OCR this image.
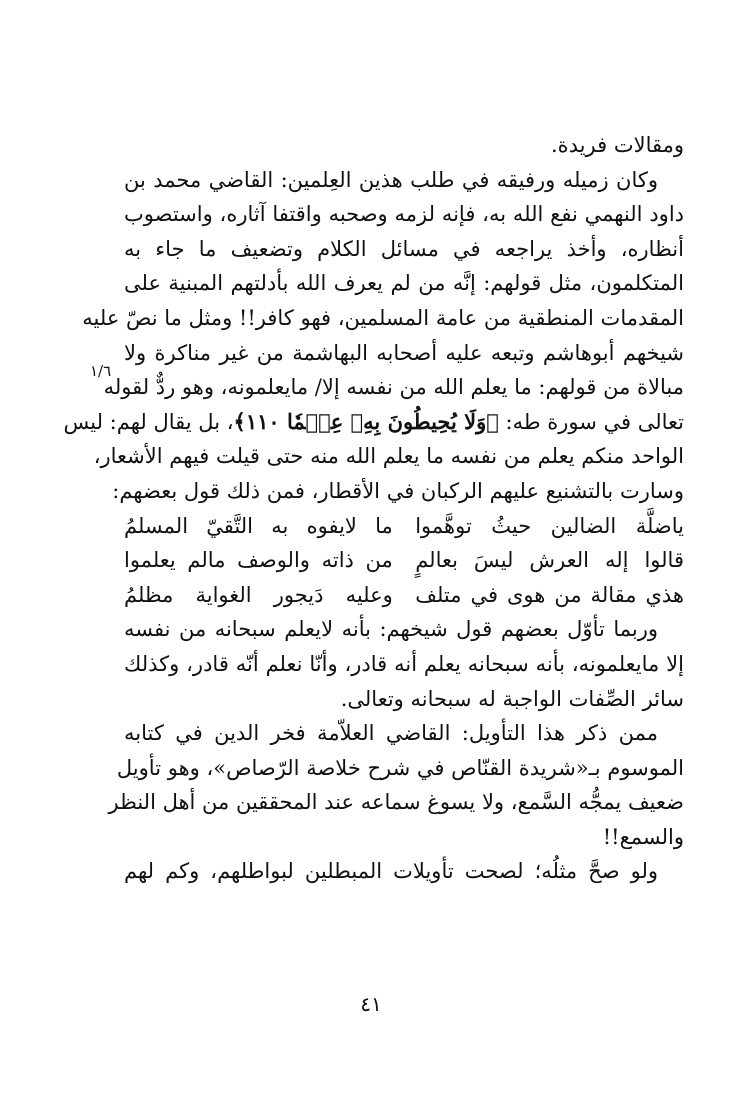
١/٦
ومقالات فريدة.
وكان زميله ورفيقه في طلب هذين العِلمين: القاضي محمد بن
داود النهمي نفع الله به، فإنه لزمه وصحبه واقتفا آثاره، واستصوب
أنظاره، وأخذ يراجعه في مسائل الكلام وتضعيف ما جاء به
المتكلمون، مثل قولهم: إنَّه من لم يعرف الله بأدلتهم المبنية على
المقدمات المنطقية من عامة المسلمين، فهو كافر!! ومثل ما نصّ عليه
شيخهم أبوهاشم وتبعه عليه أصحابه البهاشمة من غير مناكرة ولا
مبالاة من قولهم: ما يعلم الله من نفسه إلا/ مايعلمونه، وهو ردٌّ لقوله
تعالى في سورة طه: ﴿وَلَا يُحِيطُونَ بِهِۦ عِلۡمٗا ١١٠﴾، بل يقال لهم: ليس
الواحد منكم يعلم من نفسه ما يعلم الله منه حتى قيلت فيهم الأشعار،
وسارت بالتشنيع عليهم الركبان في الأقطار، فمن ذلك قول بعضهم:
ياضلَّة الضالين حيثُ توهَّموا
ما لايفوه به التَّقيّ المسلمُ
قالوا إله العرش ليسَ بعالمٍ
من ذاته والوصف مالم يعلموا
هذي مقالة من هوى في متلف
وعليه دَيجور الغواية مظلمُ
وربما تأوّل بعضهم قول شيخهم: بأنه لايعلم سبحانه من نفسه
إلا مايعلمونه، بأنه سبحانه يعلم أنه قادر، وأنّا نعلم أنّه قادر، وكذلك
سائر الصِّفات الواجبة له سبحانه وتعالى.
ممن ذكر هذا التأويل: القاضي العلاّمة فخر الدين في كتابه
الموسوم بـ«شريدة القنّاص في شرح خلاصة الرّصاص»، وهو تأويل
ضعيف يمجُّه السَّمع، ولا يسوغ سماعه عند المحققين من أهل النظر
والسمع!!
ولو صحَّ مثلُه؛ لصحت تأويلات المبطلين لبواطلهم، وكم لهم
٤١
